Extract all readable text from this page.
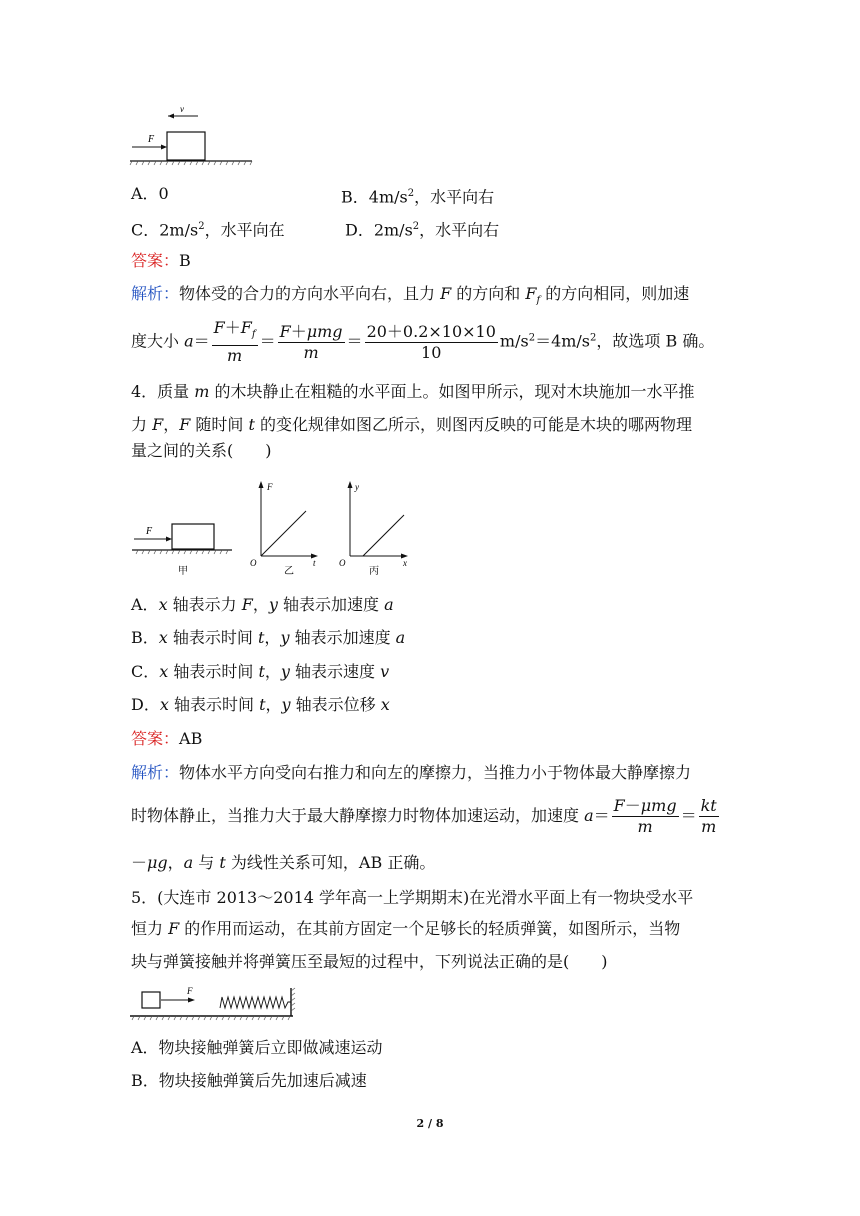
v
F
A．0	B．$4m/s^2$，水平向右
C．$2m/s^2$，水平向在	D．$2m/s^2$，水平向右
答案：B
解析：物体受的合力的方向水平向右，且力 F 的方向和 $F_f$ 的方向相同，则加速
度大小 $a= \frac{F+F_f}{m} = \frac{\text{F＋μmg}}{m} = \frac{20+0.2\times 10\times 10}{10} m/s^2=4m/s^2$，故选项 B 确。
4．质量 m 的木块静止在粗糙的水平面上。如图甲所示，现对木块施加一水平推
力 F，F 随时间 t 的变化规律如图乙所示，则图丙反映的可能是木块的哪两物理
量之间的关系(　　)
F
甲
F
O	t
乙
y
O	x
丙
A．x 轴表示力 F，y 轴表示加速度 a
B．x 轴表示时间 t，y 轴表示加速度 a
C．x 轴表示时间 t，y 轴表示速度 v
D．x 轴表示时间 t，y 轴表示位移 x
答案：AB
解析：物体水平方向受向右推力和向左的摩擦力，当推力小于物体最大静摩擦力
时物体静止，当推力大于最大静摩擦力时物体加速运动，加速度 $a= \frac{\text{F－μmg}}{m} = \frac{kt}{m}$
－μg，a 与 t 为线性关系可知，AB 正确。
5．(大连市 2013～2014 学年高一上学期期末)在光滑水平面上有一物块受水平
恒力 F 的作用而运动，在其前方固定一个足够长的轻质弹簧，如图所示，当物
块与弹簧接触并将弹簧压至最短的过程中，下列说法正确的是(　　)
F
A．物块接触弹簧后立即做减速运动
B．物块接触弹簧后先加速后减速
2 / 8
